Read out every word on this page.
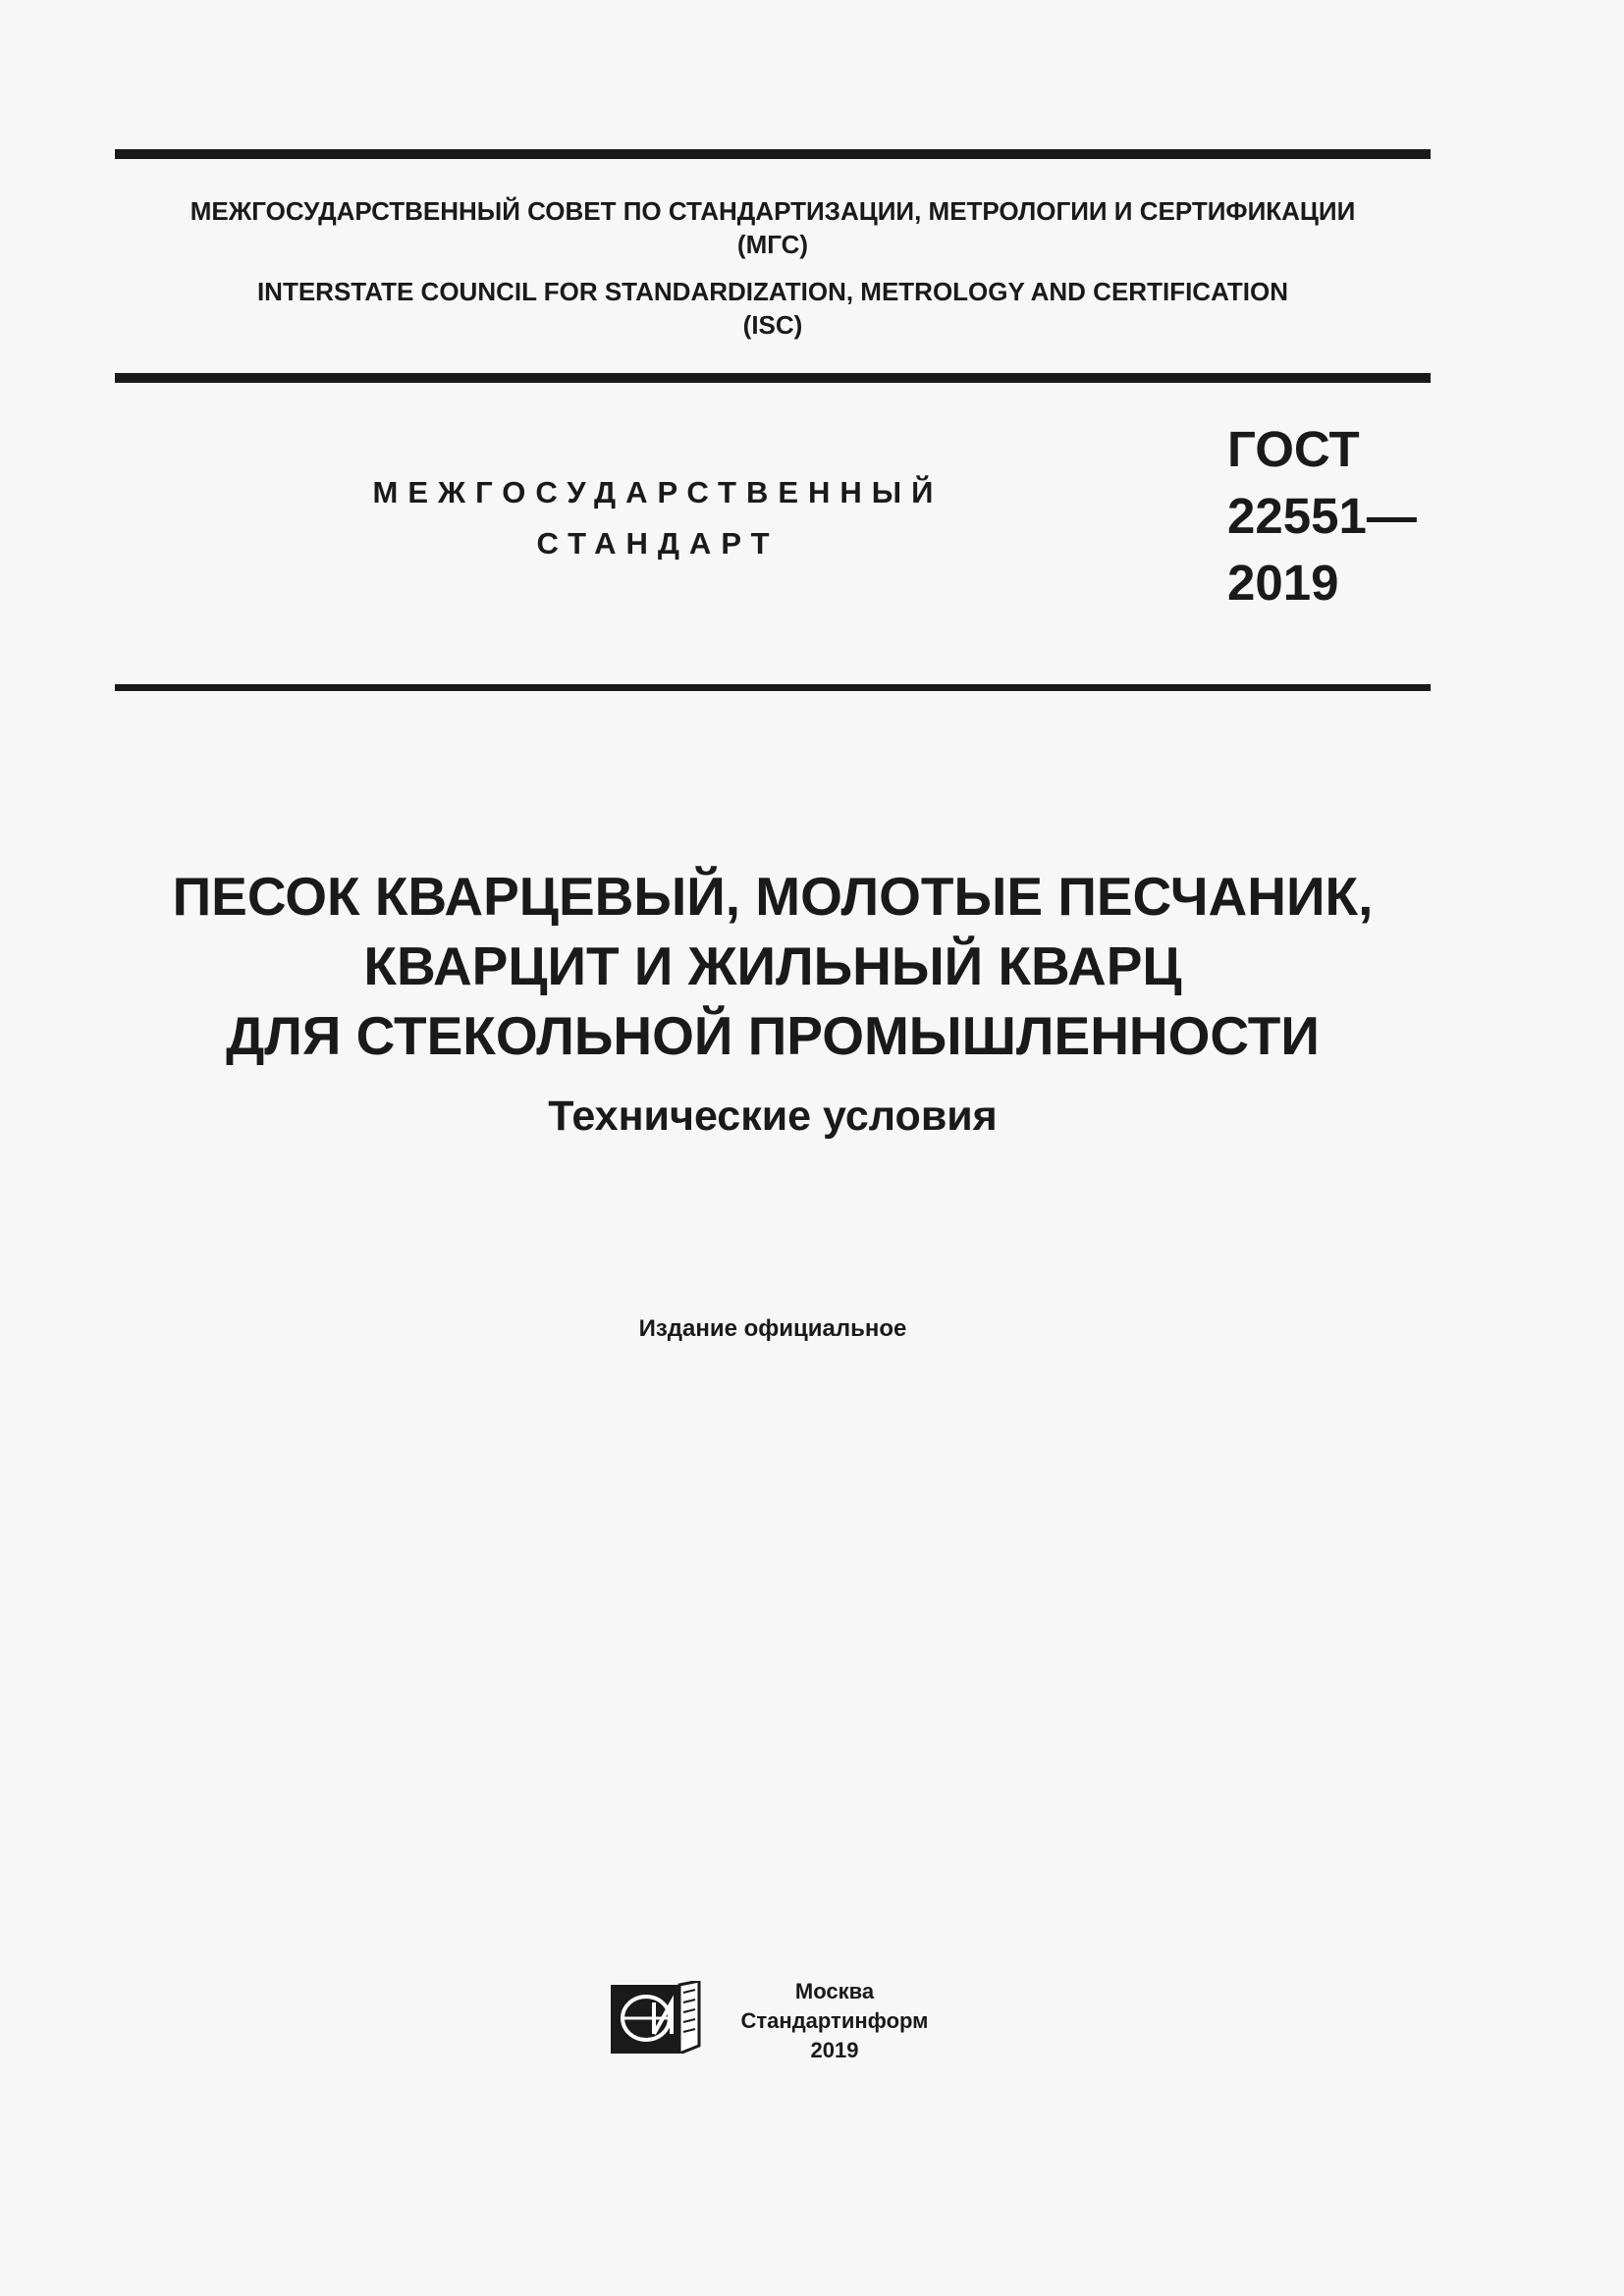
МЕЖГОСУДАРСТВЕННЫЙ СОВЕТ ПО СТАНДАРТИЗАЦИИ, МЕТРОЛОГИИ И СЕРТИФИКАЦИИ
(МГС)
INTERSTATE COUNCIL FOR STANDARDIZATION, METROLOGY AND CERTIFICATION
(ISC)
МЕЖГОСУДАРСТВЕННЫЙ
СТАНДАРТ
ГОСТ
22551—
2019
ПЕСОК КВАРЦЕВЫЙ, МОЛОТЫЕ ПЕСЧАНИК,
КВАРЦИТ И ЖИЛЬНЫЙ КВАРЦ
ДЛЯ СТЕКОЛЬНОЙ ПРОМЫШЛЕННОСТИ
Технические условия
Издание официальное
Москва
Стандартинформ
2019
